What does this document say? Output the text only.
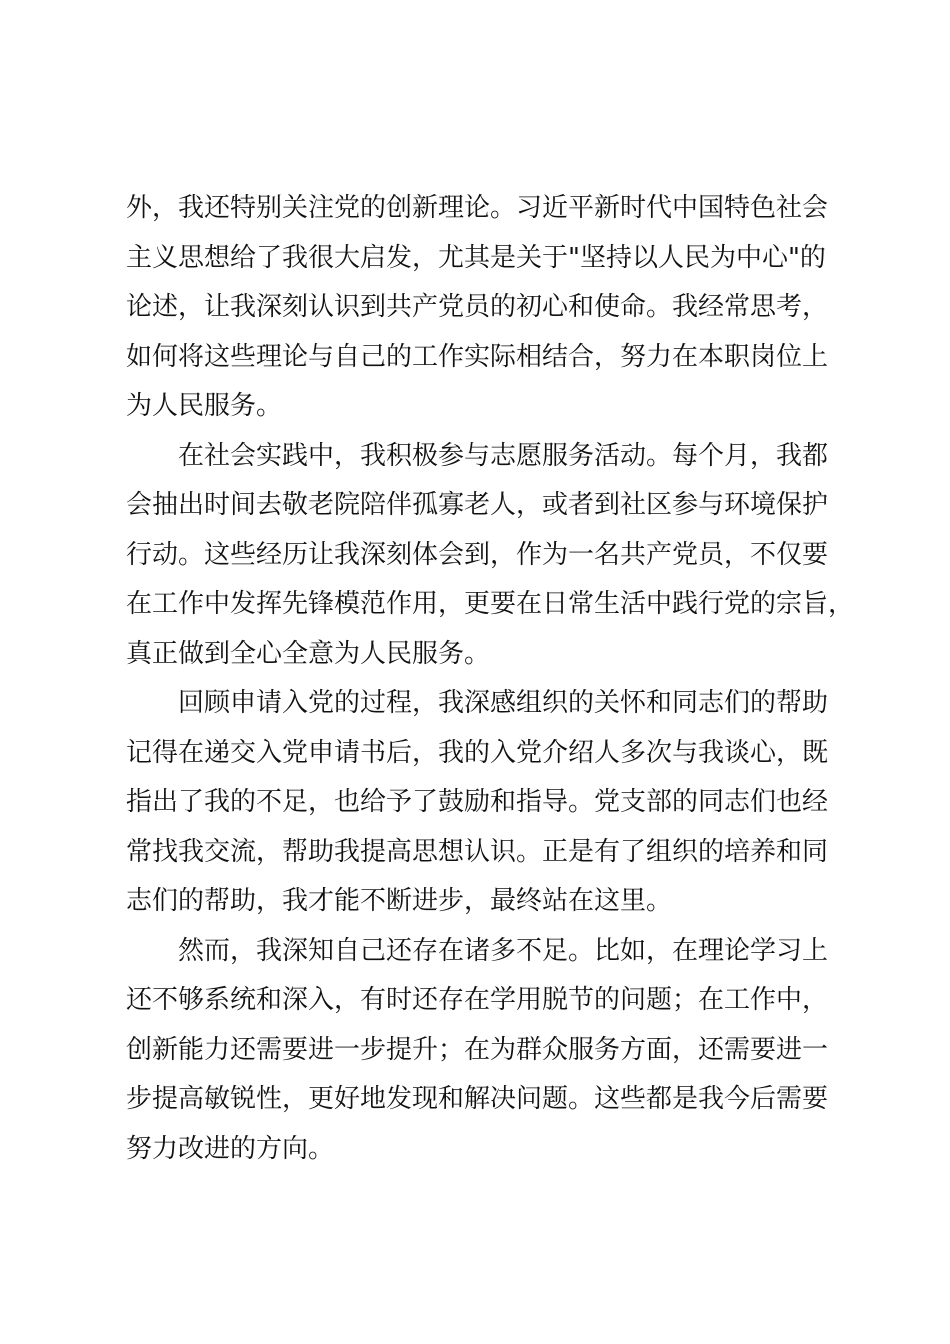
外，我还特别关注党的创新理论。习近平新时代中国特色社会
主义思想给了我很大启发，尤其是关于"坚持以人民为中心"的
论述，让我深刻认识到共产党员的初心和使命。我经常思考，
如何将这些理论与自己的工作实际相结合，努力在本职岗位上
为人民服务。
在社会实践中，我积极参与志愿服务活动。每个月，我都
会抽出时间去敬老院陪伴孤寡老人，或者到社区参与环境保护
行动。这些经历让我深刻体会到，作为一名共产党员，不仅要
在工作中发挥先锋模范作用，更要在日常生活中践行党的宗旨，
真正做到全心全意为人民服务。
回顾申请入党的过程，我深感组织的关怀和同志们的帮助
记得在递交入党申请书后，我的入党介绍人多次与我谈心，既
指出了我的不足，也给予了鼓励和指导。党支部的同志们也经
常找我交流，帮助我提高思想认识。正是有了组织的培养和同
志们的帮助，我才能不断进步，最终站在这里。
然而，我深知自己还存在诸多不足。比如，在理论学习上
还不够系统和深入，有时还存在学用脱节的问题；在工作中，
创新能力还需要进一步提升；在为群众服务方面，还需要进一
步提高敏锐性，更好地发现和解决问题。这些都是我今后需要
努力改进的方向。
